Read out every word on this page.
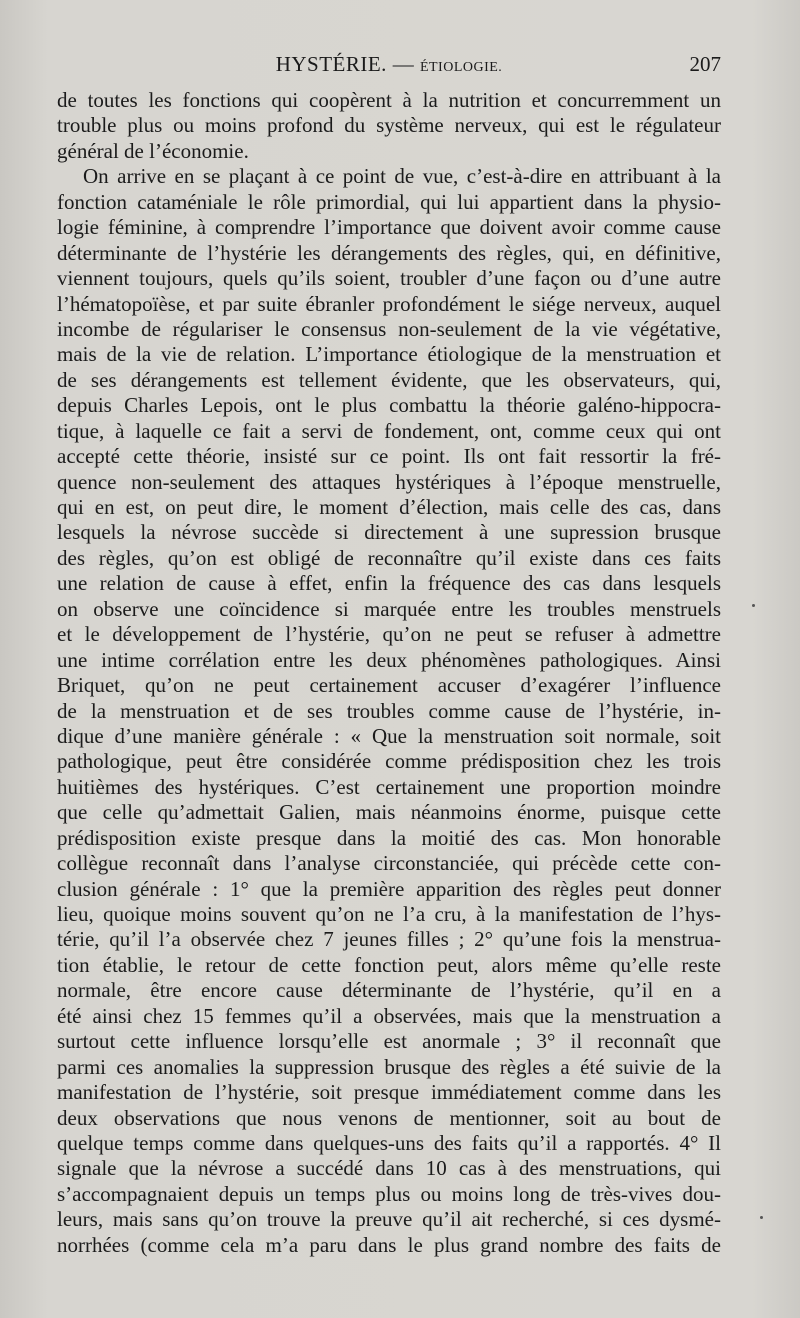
HYSTÉRIE. — ÉTIOLOGIE.	207
de toutes les fonctions qui coopèrent à la nutrition et concurremment un
trouble plus ou moins profond du système nerveux, qui est le régulateur
général de l’économie.
On arrive en se plaçant à ce point de vue, c’est-à-dire en attribuant à la
fonction cataméniale le rôle primordial, qui lui appartient dans la physio-
logie féminine, à comprendre l’importance que doivent avoir comme cause
déterminante de l’hystérie les dérangements des règles, qui, en définitive,
viennent toujours, quels qu’ils soient, troubler d’une façon ou d’une autre
l’hématopoïèse, et par suite ébranler profondément le siége nerveux, auquel
incombe de régulariser le consensus non-seulement de la vie végétative,
mais de la vie de relation. L’importance étiologique de la menstruation et
de ses dérangements est tellement évidente, que les observateurs, qui,
depuis Charles Lepois, ont le plus combattu la théorie galéno-hippocra-
tique, à laquelle ce fait a servi de fondement, ont, comme ceux qui ont
accepté cette théorie, insisté sur ce point. Ils ont fait ressortir la fré-
quence non-seulement des attaques hystériques à l’époque menstruelle,
qui en est, on peut dire, le moment d’élection, mais celle des cas, dans
lesquels la névrose succède si directement à une supression brusque
des règles, qu’on est obligé de reconnaître qu’il existe dans ces faits
une relation de cause à effet, enfin la fréquence des cas dans lesquels
on observe une coïncidence si marquée entre les troubles menstruels
et le développement de l’hystérie, qu’on ne peut se refuser à admettre
une intime corrélation entre les deux phénomènes pathologiques. Ainsi
Briquet, qu’on ne peut certainement accuser d’exagérer l’influence
de la menstruation et de ses troubles comme cause de l’hystérie, in-
dique d’une manière générale : « Que la menstruation soit normale, soit
pathologique, peut être considérée comme prédisposition chez les trois
huitièmes des hystériques. C’est certainement une proportion moindre
que celle qu’admettait Galien, mais néanmoins énorme, puisque cette
prédisposition existe presque dans la moitié des cas. Mon honorable
collègue reconnaît dans l’analyse circonstanciée, qui précède cette con-
clusion générale : 1° que la première apparition des règles peut donner
lieu, quoique moins souvent qu’on ne l’a cru, à la manifestation de l’hys-
térie, qu’il l’a observée chez 7 jeunes filles ; 2° qu’une fois la menstrua-
tion établie, le retour de cette fonction peut, alors même qu’elle reste
normale, être encore cause déterminante de l’hystérie, qu’il en a
été ainsi chez 15 femmes qu’il a observées, mais que la menstruation a
surtout cette influence lorsqu’elle est anormale ; 3° il reconnaît que
parmi ces anomalies la suppression brusque des règles a été suivie de la
manifestation de l’hystérie, soit presque immédiatement comme dans les
deux observations que nous venons de mentionner, soit au bout de
quelque temps comme dans quelques-uns des faits qu’il a rapportés. 4° Il
signale que la névrose a succédé dans 10 cas à des menstruations, qui
s’accompagnaient depuis un temps plus ou moins long de très-vives dou-
leurs, mais sans qu’on trouve la preuve qu’il ait recherché, si ces dysmé-
norrhées (comme cela m’a paru dans le plus grand nombre des faits de
